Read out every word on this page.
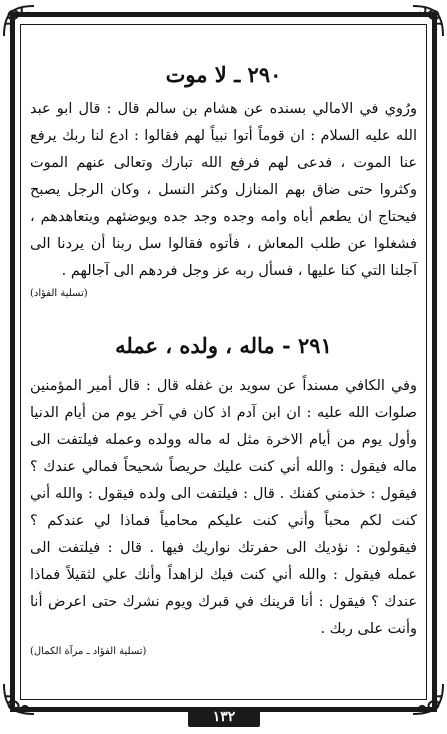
٢٩٠ ـ لا موت

ورُوي في الامالي بسنده عن هشام بن سالم قال : قال ابو عبد الله عليه السلام : ان قوماً أتوا نبياً لهم فقالوا : ادع لنا ربك يرفع عنا الموت ، فدعى لهم فرفع الله تبارك وتعالى عنهم الموت وكثروا حتى ضاق بهم المنازل وكثر النسل ، وكان الرجل يصبح فيحتاج ان يطعم أباه وامه وجده وجد جده ويوضئهم ويتعاهدهم ، فشغلوا عن طلب المعاش ، فأتوه فقالوا سل ربنا أن يردنا الى آجلنا التي كنا عليها ، فسأل ربه عز وجل فردهم الى آجالهم .

(تسلية الفؤاد)

٢٩١ - ماله ، ولده ، عمله

وفي الكافي مسنداً عن سويد بن غفله قال : قال أمير المؤمنين صلوات الله عليه : ان ابن آدم اذ كان في آخر يوم من أيام الدنيا وأول يوم من أيام الاخرة مثل له ماله وولده وعمله فيلتفت الى ماله فيقول : والله أني كنت عليك حريصاً شحيحاً فمالي عندك ؟ فيقول : خذمني كفنك . قال : فيلتفت الى ولده فيقول : والله أني كنت لكم محباً وأني كنت عليكم محامياً فماذا لي عندكم ؟ فيقولون : نؤديك الى حفرتك نواريك فيها . قال : فيلتفت الى عمله فيقول : والله أني كنت فيك لزاهداً وأنك علي لثقيلاً فماذا عندك ؟ فيقول : أنا قرينك في قبرك ويوم نشرك حتى اعرض أنا وأنت على ربك .

(تسلية الفؤاد ـ مرآة الكمال)

١٣٢
